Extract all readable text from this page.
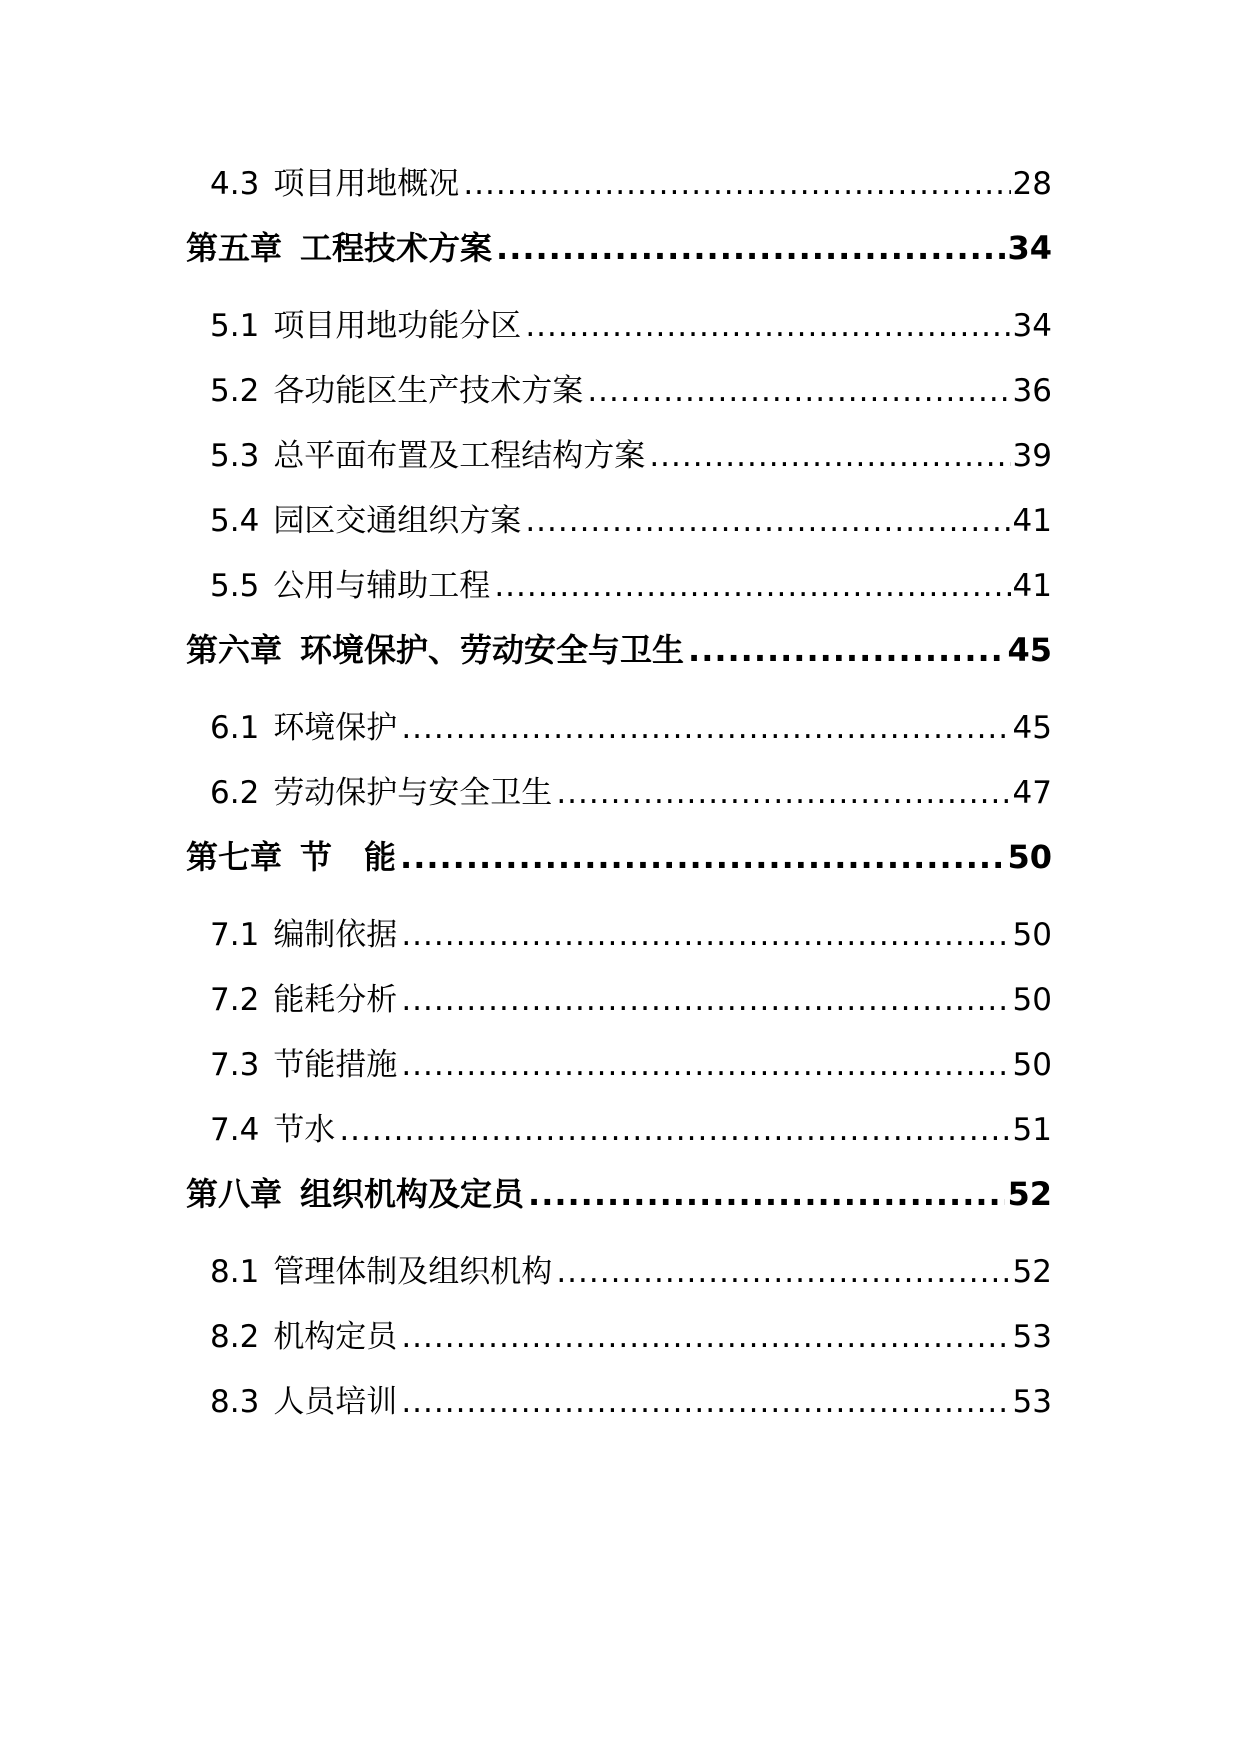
4.3 项目用地概况 .....	28
第五章 工程技术方案 .....	34
5.1 项目用地功能分区 .....	34
5.2 各功能区生产技术方案 .....	36
5.3 总平面布置及工程结构方案 .....	39
5.4 园区交通组织方案 .....	41
5.5 公用与辅助工程 .....	41
第六章 环境保护、劳动安全与卫生 .....	45
6.1 环境保护 .....	45
6.2 劳动保护与安全卫生 .....	47
第七章 节　能 .....	50
7.1 编制依据 .....	50
7.2 能耗分析 .....	50
7.3 节能措施 .....	50
7.4 节水 .....	51
第八章 组织机构及定员 .....	52
8.1 管理体制及组织机构 .....	52
8.2 机构定员 .....	53
8.3 人员培训 .....	53
